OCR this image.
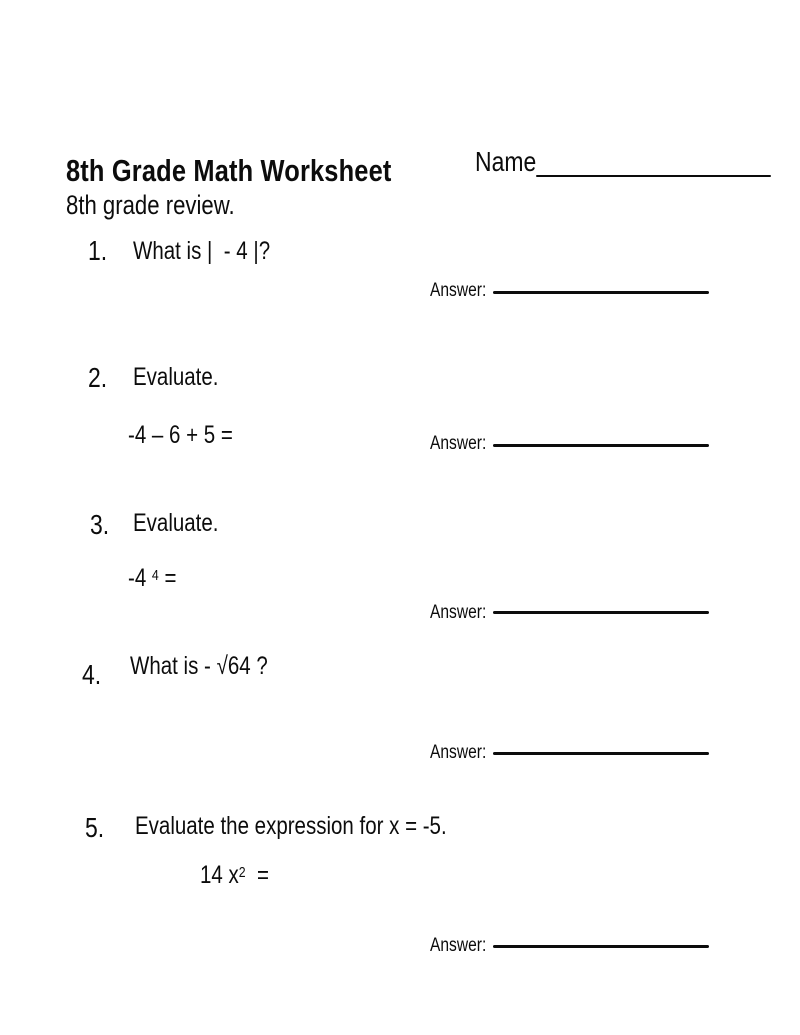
8th Grade Math Worksheet	Name
8th grade review.
1. What is |  - 4 |?
Answer:
2. Evaluate.
-4 – 6 + 5 =	Answer:
3. Evaluate.
-4 $^4$ =
Answer:
4. What is - √64 ?
Answer:
5. Evaluate the expression for x = -5.
14 $x^2$  =
Answer:
